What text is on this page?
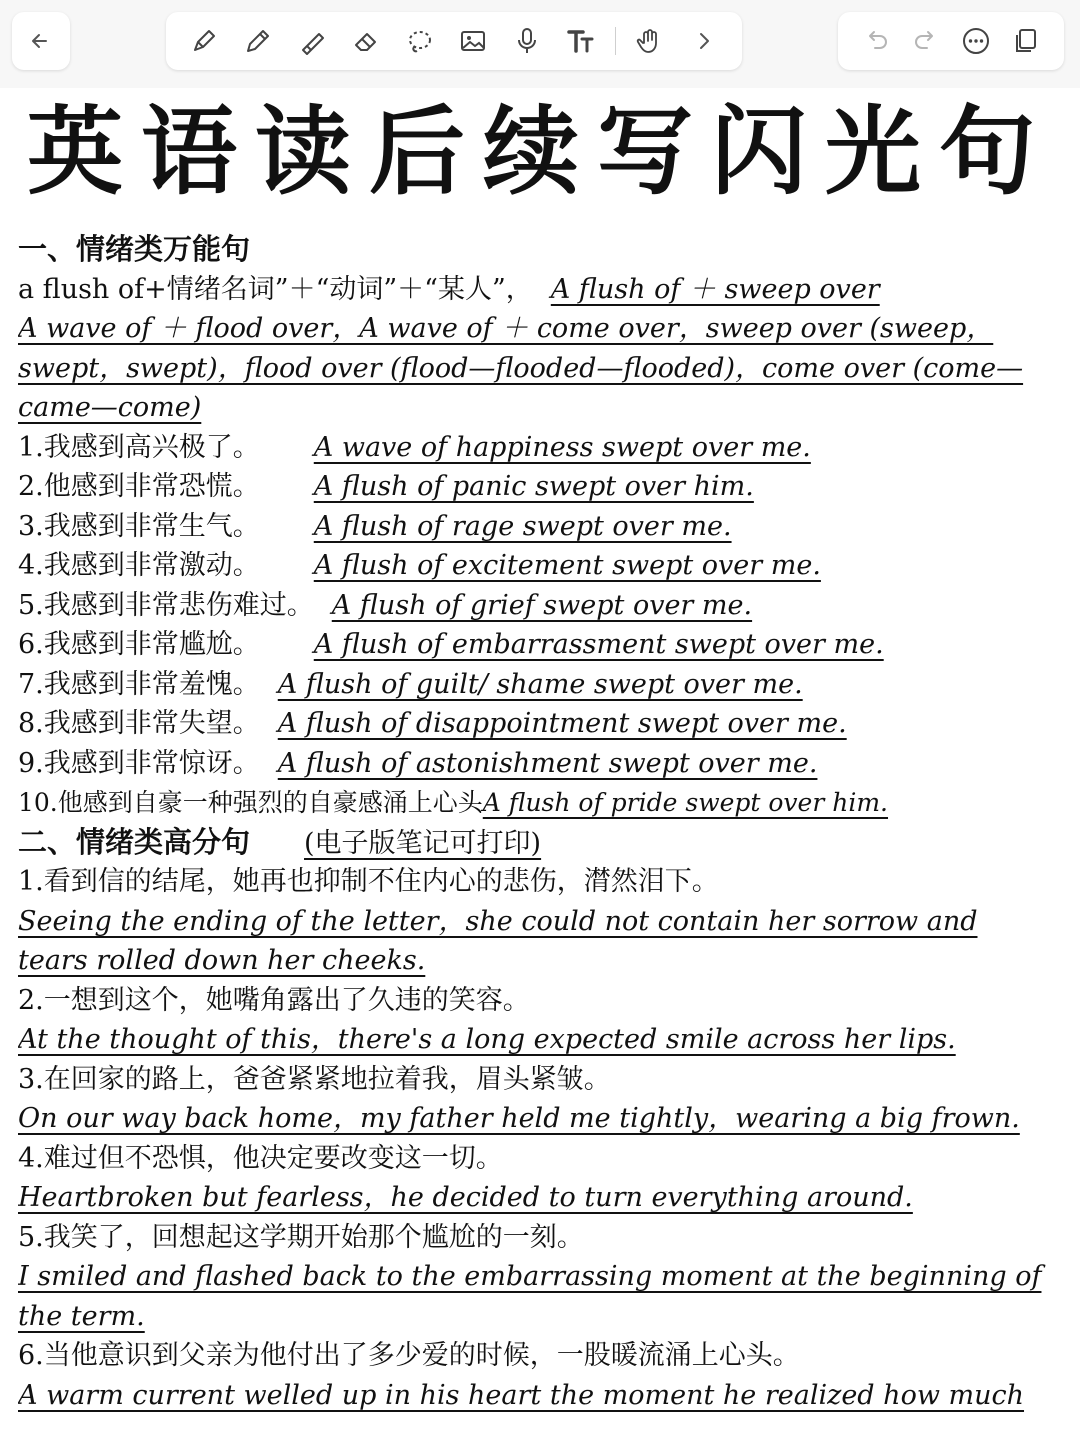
英语读后续写闪光句
一、情绪类万能句
a flush of+情绪名词”＋“动词”＋“某人”， A flush of ＋ sweep over
A wave of ＋ flood over，A wave of ＋ come over，sweep over (sweep，
swept，swept)，flood over (flood—flooded—flooded)，come over (come—
came—come)
1.我感到高兴极了。 A wave of happiness swept over me.
2.他感到非常恐慌。 A flush of panic swept over him.
3.我感到非常生气。 A flush of rage swept over me.
4.我感到非常激动。 A flush of excitement swept over me.
5.我感到非常悲伤难过。 A flush of grief swept over me.
6.我感到非常尴尬。 A flush of embarrassment swept over me.
7.我感到非常羞愧。 A flush of guilt/ shame swept over me.
8.我感到非常失望。 A flush of disappointment swept over me.
9.我感到非常惊讶。 A flush of astonishment swept over me.
10.他感到自豪一种强烈的自豪感涌上心头A flush of pride swept over him.
二、情绪类高分句 (电子版笔记可打印)
1.看到信的结尾，她再也抑制不住内心的悲伤，潸然泪下。
Seeing the ending of the letter，she could not contain her sorrow and
tears rolled down her cheeks.
2.一想到这个，她嘴角露出了久违的笑容。
At the thought of this，there's a long expected smile across her lips.
3.在回家的路上，爸爸紧紧地拉着我，眉头紧皱。
On our way back home，my father held me tightly，wearing a big frown.
4.难过但不恐惧，他决定要改变这一切。
Heartbroken but fearless，he decided to turn everything around.
5.我笑了，回想起这学期开始那个尴尬的一刻。
I smiled and flashed back to the embarrassing moment at the beginning of
the term.
6.当他意识到父亲为他付出了多少爱的时候，一股暖流涌上心头。
A warm current welled up in his heart the moment he realized how much
